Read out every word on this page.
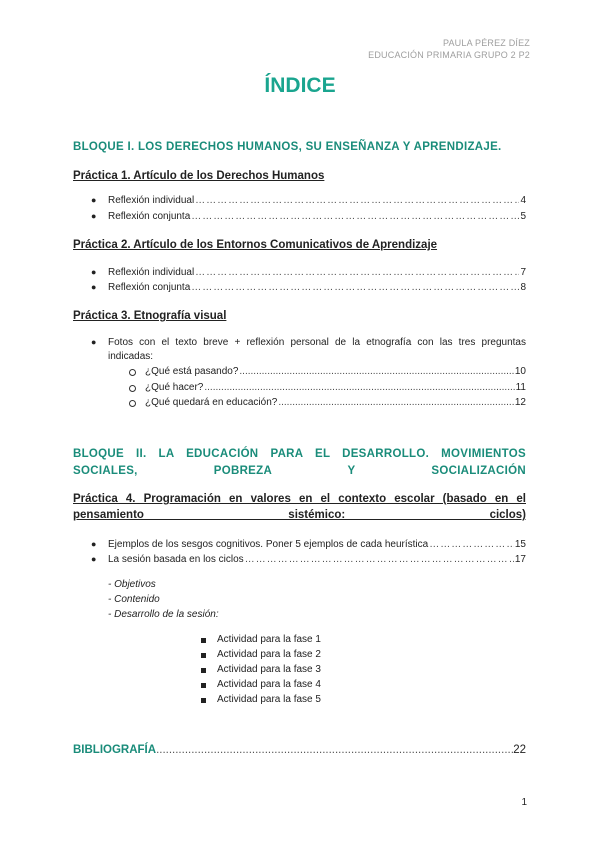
PAULA PÉREZ DÍEZ
EDUCACIÓN PRIMARIA GRUPO 2 P2
ÍNDICE
BLOQUE I. LOS DERECHOS HUMANOS, SU ENSEÑANZA Y APRENDIZAJE.
Práctica 1. Artículo de los Derechos Humanos
● Reflexión individual …………………………………………………………………………………………………………………………………………………………………………………	4
● Reflexión conjunta …………………………………………………………………………………………………………………………………………………………………………………	5
Práctica 2. Artículo de los Entornos Comunicativos de Aprendizaje
● Reflexión individual …………………………………………………………………………………………………………………………………………………………………………………	7
● Reflexión conjunta …………………………………………………………………………………………………………………………………………………………………………………	8
Práctica 3. Etnografía visual
● Fotos con el texto breve + reflexión personal de la etnografía con las tres preguntas indicadas:
¿Qué está pasando? .....	10
¿Qué hacer? .....	11
¿Qué quedará en educación? .....	12
BLOQUE II. LA EDUCACIÓN PARA EL DESARROLLO. MOVIMIENTOS SOCIALES, POBREZA Y SOCIALIZACIÓN
Práctica 4. Programación en valores en el contexto escolar (basado en el pensamiento sistémico: ciclos)
● Ejemplos de los sesgos cognitivos. Poner 5 ejemplos de cada heurística …………………………………………………………………………………………………………………………………………………………………………………	15
● La sesión basada en los ciclos …………………………………………………………………………………………………………………………………………………………………………………	17
- Objetivos
- Contenido
- Desarrollo de la sesión:
Actividad para la fase 1
Actividad para la fase 2
Actividad para la fase 3
Actividad para la fase 4
Actividad para la fase 5
BIBLIOGRAFÍA .....	22
1
